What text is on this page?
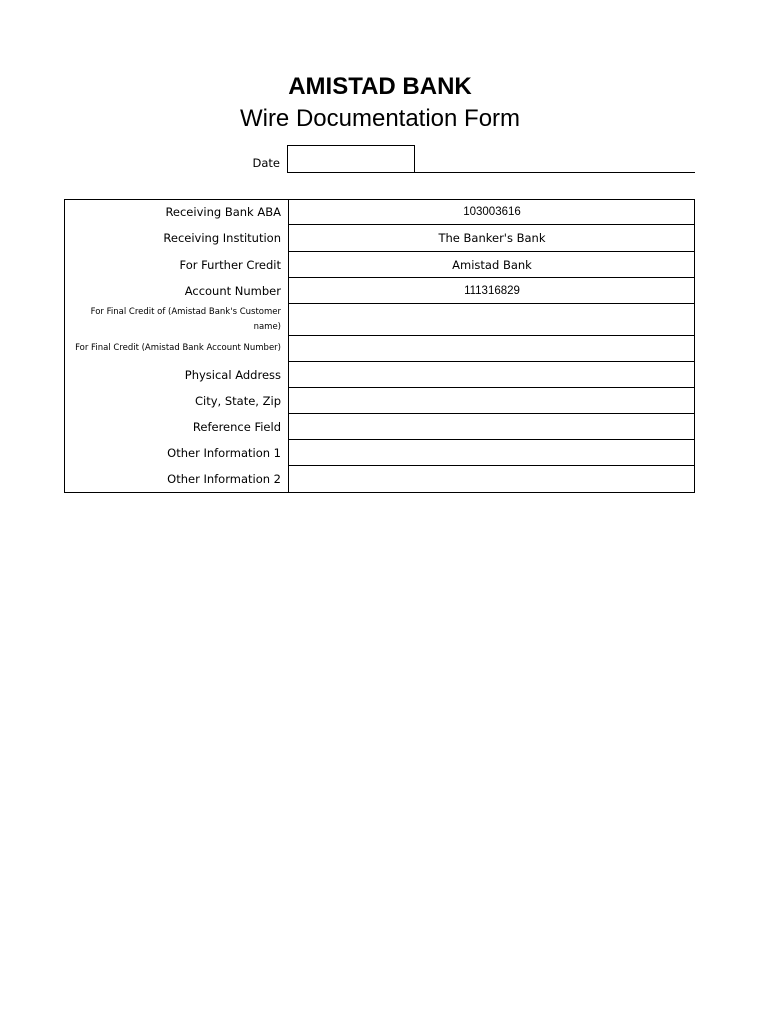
AMISTAD BANK
Wire Documentation Form
Date
Receiving Bank ABA	103003616
Receiving Institution	The Banker's Bank
For Further Credit	Amistad Bank
Account Number	111316829
For Final Credit of (Amistad Bank's Customer name)
For Final Credit (Amistad Bank Account Number)
Physical Address
City, State, Zip
Reference Field
Other Information 1
Other Information 2
